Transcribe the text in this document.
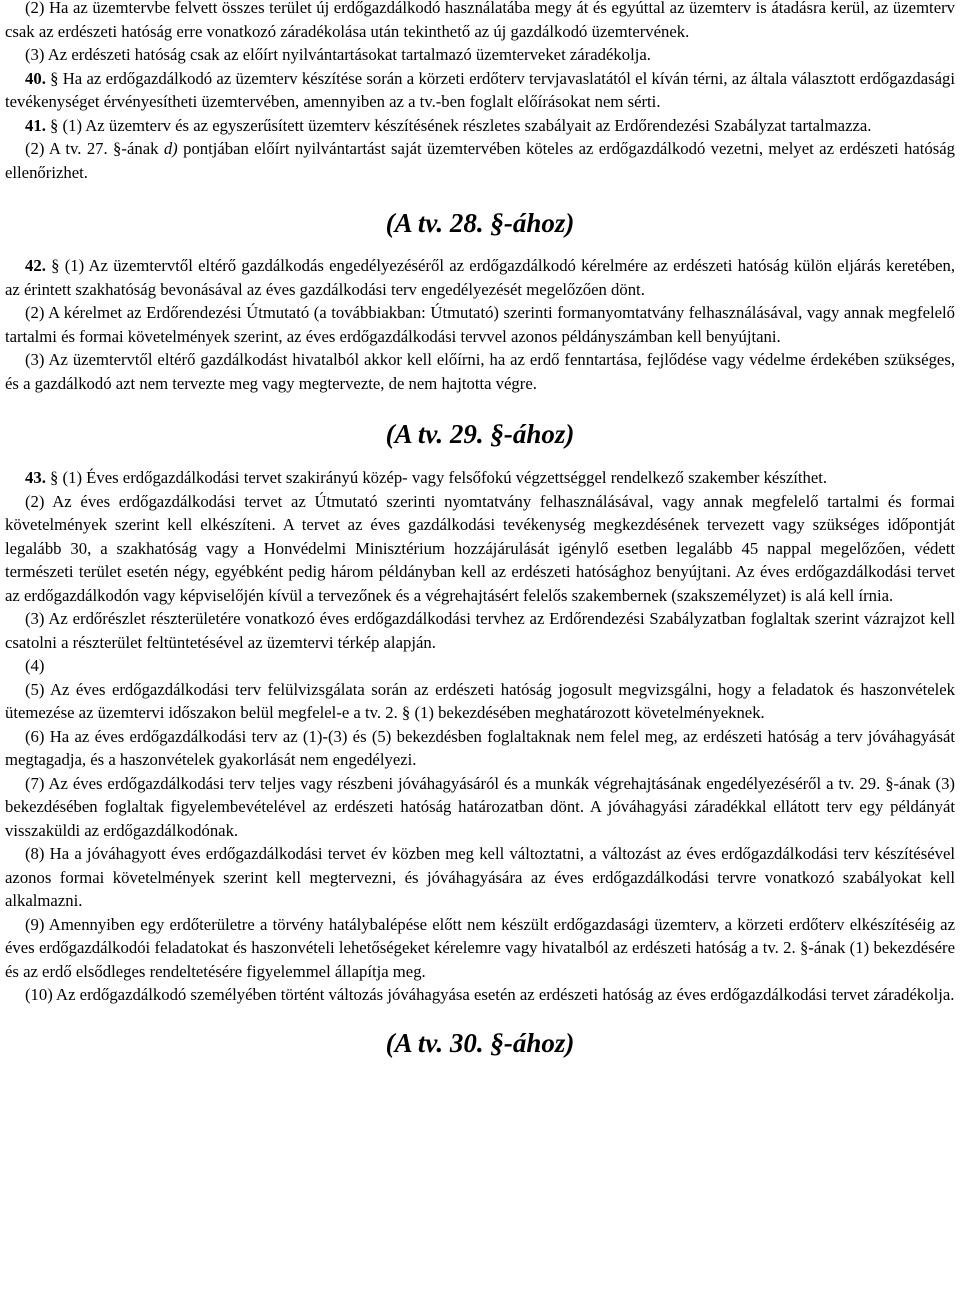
(2) Ha az üzemtervbe felvett összes terület új erdőgazdálkodó használatába megy át és egyúttal az üzemterv is átadásra kerül, az üzemterv csak az erdészeti hatóság erre vonatkozó záradékolása után tekinthető az új gazdálkodó üzemtervének.

(3) Az erdészeti hatóság csak az előírt nyilvántartásokat tartalmazó üzemterveket záradékolja.

40. § Ha az erdőgazdálkodó az üzemterv készítése során a körzeti erdőterv tervjavaslatától el kíván térni, az általa választott erdőgazdasági tevékenységet érvényesítheti üzemtervében, amennyiben az a tv.-ben foglalt előírásokat nem sérti.

41. § (1) Az üzemterv és az egyszerűsített üzemterv készítésének részletes szabályait az Erdőrendezési Szabályzat tartalmazza.

(2) A tv. 27. §-ának d) pontjában előírt nyilvántartást saját üzemtervében köteles az erdőgazdálkodó vezetni, melyet az erdészeti hatóság ellenőrizhet.

(A tv. 28. §-ához)

42. § (1) Az üzemtervtől eltérő gazdálkodás engedélyezéséről az erdőgazdálkodó kérelmére az erdészeti hatóság külön eljárás keretében, az érintett szakhatóság bevonásával az éves gazdálkodási terv engedélyezését megelőzően dönt.

(2) A kérelmet az Erdőrendezési Útmutató (a továbbiakban: Útmutató) szerinti formanyomtatvány felhasználásával, vagy annak megfelelő tartalmi és formai követelmények szerint, az éves erdőgazdálkodási tervvel azonos példányszámban kell benyújtani.

(3) Az üzemtervtől eltérő gazdálkodást hivatalból akkor kell előírni, ha az erdő fenntartása, fejlődése vagy védelme érdekében szükséges, és a gazdálkodó azt nem tervezte meg vagy megtervezte, de nem hajtotta végre.

(A tv. 29. §-ához)

43. § (1) Éves erdőgazdálkodási tervet szakirányú közép- vagy felsőfokú végzettséggel rendelkező szakember készíthet.

(2) Az éves erdőgazdálkodási tervet az Útmutató szerinti nyomtatvány felhasználásával, vagy annak megfelelő tartalmi és formai követelmények szerint kell elkészíteni. A tervet az éves gazdálkodási tevékenység megkezdésének tervezett vagy szükséges időpontját legalább 30, a szakhatóság vagy a Honvédelmi Minisztérium hozzájárulását igénylő esetben legalább 45 nappal megelőzően, védett természeti terület esetén négy, egyébként pedig három példányban kell az erdészeti hatósághoz benyújtani. Az éves erdőgazdálkodási tervet az erdőgazdálkodón vagy képviselőjén kívül a tervezőnek és a végrehajtásért felelős szakembernek (szakszemélyzet) is alá kell írnia.

(3) Az erdőrészlet részterületére vonatkozó éves erdőgazdálkodási tervhez az Erdőrendezési Szabályzatban foglaltak szerint vázrajzot kell csatolni a részterület feltüntetésével az üzemtervi térkép alapján.

(4)

(5) Az éves erdőgazdálkodási terv felülvizsgálata során az erdészeti hatóság jogosult megvizsgálni, hogy a feladatok és haszonvételek ütemezése az üzemtervi időszakon belül megfelel-e a tv. 2. § (1) bekezdésében meghatározott követelményeknek.

(6) Ha az éves erdőgazdálkodási terv az (1)-(3) és (5) bekezdésben foglaltaknak nem felel meg, az erdészeti hatóság a terv jóváhagyását megtagadja, és a haszonvételek gyakorlását nem engedélyezi.

(7) Az éves erdőgazdálkodási terv teljes vagy részbeni jóváhagyásáról és a munkák végrehajtásának engedélyezéséről a tv. 29. §-ának (3) bekezdésében foglaltak figyelembevételével az erdészeti hatóság határozatban dönt. A jóváhagyási záradékkal ellátott terv egy példányát visszaküldi az erdőgazdálkodónak.

(8) Ha a jóváhagyott éves erdőgazdálkodási tervet év közben meg kell változtatni, a változást az éves erdőgazdálkodási terv készítésével azonos formai követelmények szerint kell megtervezni, és jóváhagyására az éves erdőgazdálkodási tervre vonatkozó szabályokat kell alkalmazni.

(9) Amennyiben egy erdőterületre a törvény hatálybalépése előtt nem készült erdőgazdasági üzemterv, a körzeti erdőterv elkészítéséig az éves erdőgazdálkodói feladatokat és haszonvételi lehetőségeket kérelemre vagy hivatalból az erdészeti hatóság a tv. 2. §-ának (1) bekezdésére és az erdő elsődleges rendeltetésére figyelemmel állapítja meg.

(10) Az erdőgazdálkodó személyében történt változás jóváhagyása esetén az erdészeti hatóság az éves erdőgazdálkodási tervet záradékolja.

(A tv. 30. §-ához)
